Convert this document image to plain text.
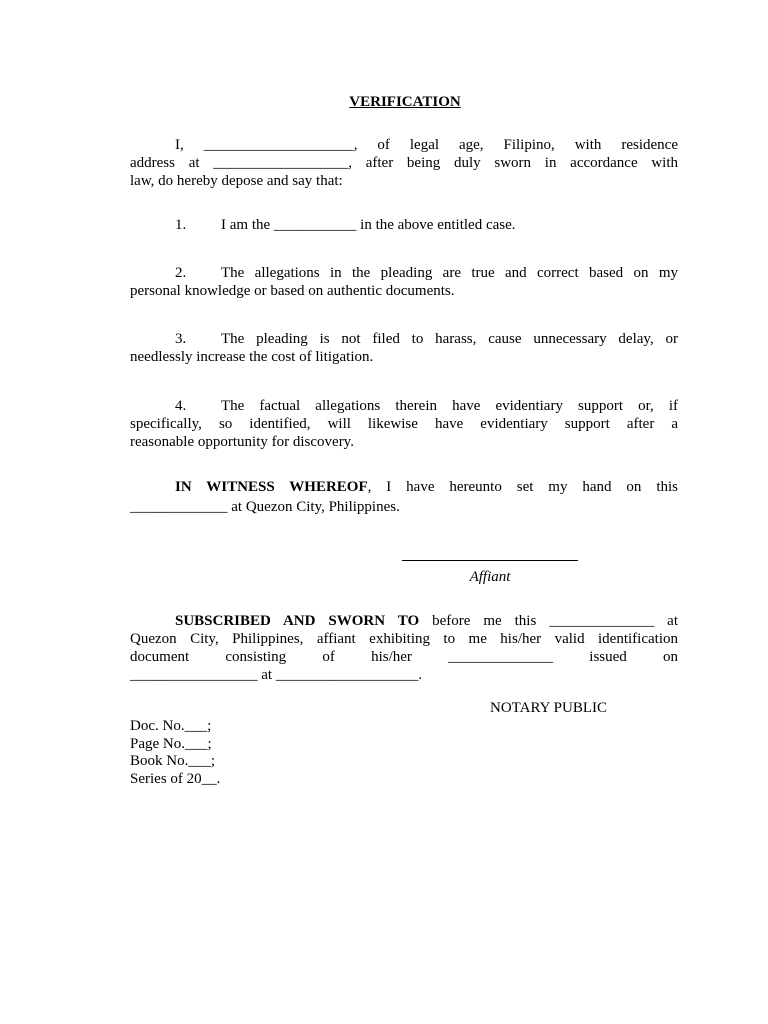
VERIFICATION
I, ____________________, of legal age, Filipino, with residence
address at __________________, after being duly sworn in accordance with
law, do hereby depose and say that:
1. I am the ___________ in the above entitled case.
2. The allegations in the pleading are true and correct based on my
personal knowledge or based on authentic documents.
3. The pleading is not filed to harass, cause unnecessary delay, or
needlessly increase the cost of litigation.
4. The factual allegations therein have evidentiary support or, if
specifically, so identified, will likewise have evidentiary support after a
reasonable opportunity for discovery.
IN WITNESS WHEREOF, I have hereunto set my hand on this
_____________ at Quezon City, Philippines.
Affiant
SUBSCRIBED AND SWORN TO before me this ______________ at
Quezon City, Philippines, affiant exhibiting to me his/her valid identification
document consisting of his/her ______________ issued on
_________________ at ___________________.
NOTARY PUBLIC
Doc. No.___;
Page No.___;
Book No.___;
Series of 20__.
